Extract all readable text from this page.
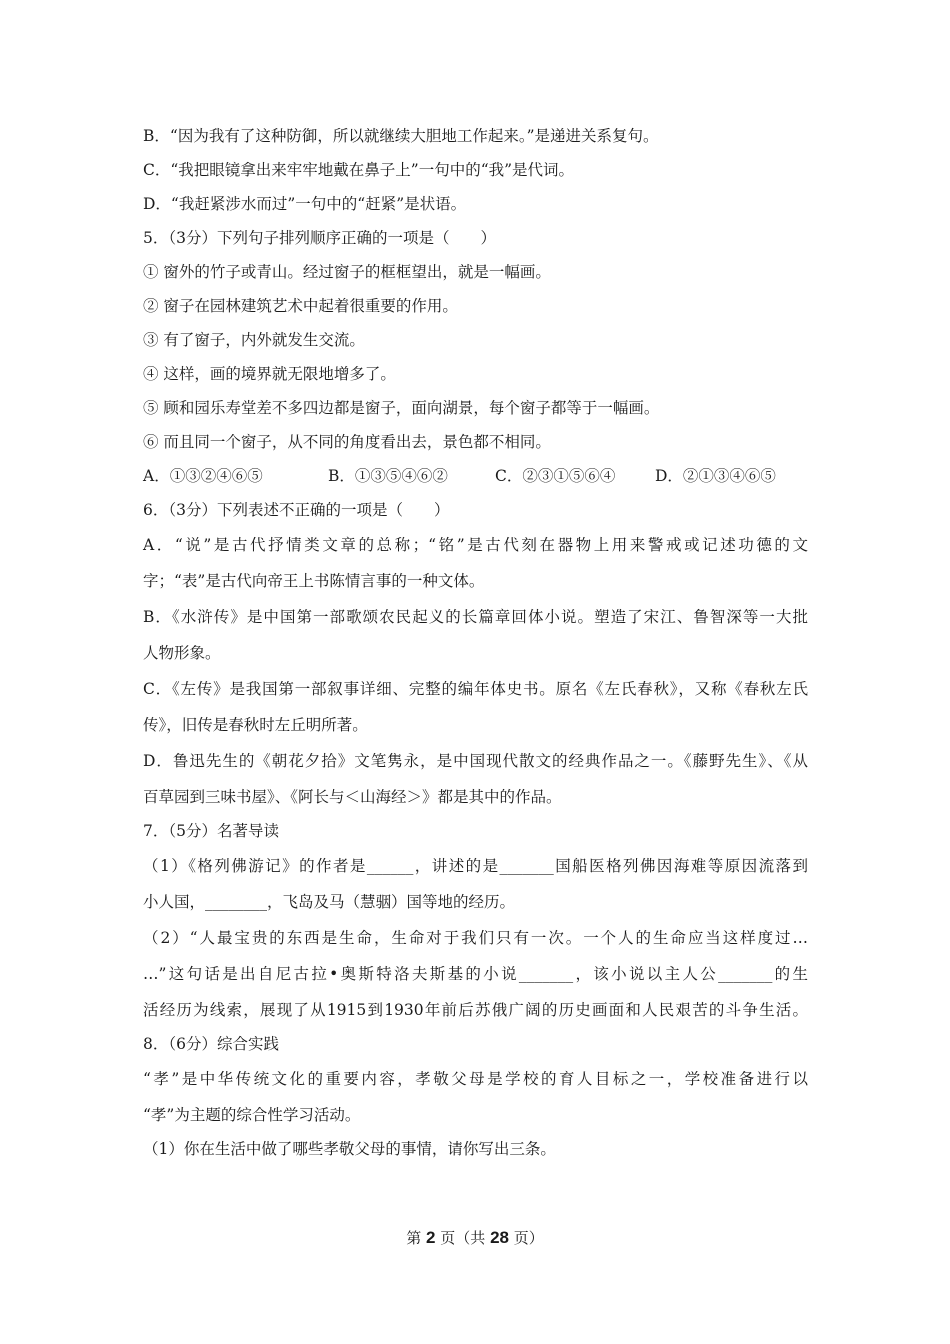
B．“因为我有了这种防御，所以就继续大胆地工作起来。”是递进关系复句。
C．“我把眼镜拿出来牢牢地戴在鼻子上”一句中的“我”是代词。
D．“我赶紧涉水而过”一句中的“赶紧”是状语。
5．（3分）下列句子排列顺序正确的一项是（　　）
① 窗外的竹子或青山。经过窗子的框框望出，就是一幅画。
② 窗子在园林建筑艺术中起着很重要的作用。
③ 有了窗子，内外就发生交流。
④ 这样，画的境界就无限地增多了。
⑤ 顾和园乐寿堂差不多四边都是窗子，面向湖景，每个窗子都等于一幅画。
⑥ 而且同一个窗子，从不同的角度看出去，景色都不相同。
A．①③②④⑥⑤	B．①③⑤④⑥②	C．②③①⑤⑥④	D．②①③④⑥⑤
6．（3分）下列表述不正确的一项是（　　）
A．“说”是古代抒情类文章的总称；“铭”是古代刻在器物上用来警戒或记述功德的文
字；“表”是古代向帝王上书陈情言事的一种文体。
B．《水浒传》是中国第一部歌颂农民起义的长篇章回体小说。塑造了宋江、鲁智深等一大批
人物形象。
C．《左传》是我国第一部叙事详细、完整的编年体史书。原名《左氏春秋》，又称《春秋左氏
传》，旧传是春秋时左丘明所著。
D．鲁迅先生的《朝花夕拾》文笔隽永，是中国现代散文的经典作品之一。《藤野先生》、《从
百草园到三味书屋》、《阿长与＜山海经＞》都是其中的作品。
7．（5分）名著导读
（1）《格列佛游记》的作者是______，讲述的是_______国船医格列佛因海难等原因流落到
小人国，________，飞岛及马（慧骃）国等地的经历。
（2）“人最宝贵的东西是生命，生命对于我们只有一次。一个人的生命应当这样度过…
…”这句话是出自尼古拉•奥斯特洛夫斯基的小说_______，该小说以主人公_______的生
活经历为线索，展现了从1915到1930年前后苏俄广阔的历史画面和人民艰苦的斗争生活。
8．（6分）综合实践
“孝”是中华传统文化的重要内容，孝敬父母是学校的育人目标之一，学校准备进行以
“孝”为主题的综合性学习活动。
（1）你在生活中做了哪些孝敬父母的事情，请你写出三条。
第 2 页（共 28 页）
